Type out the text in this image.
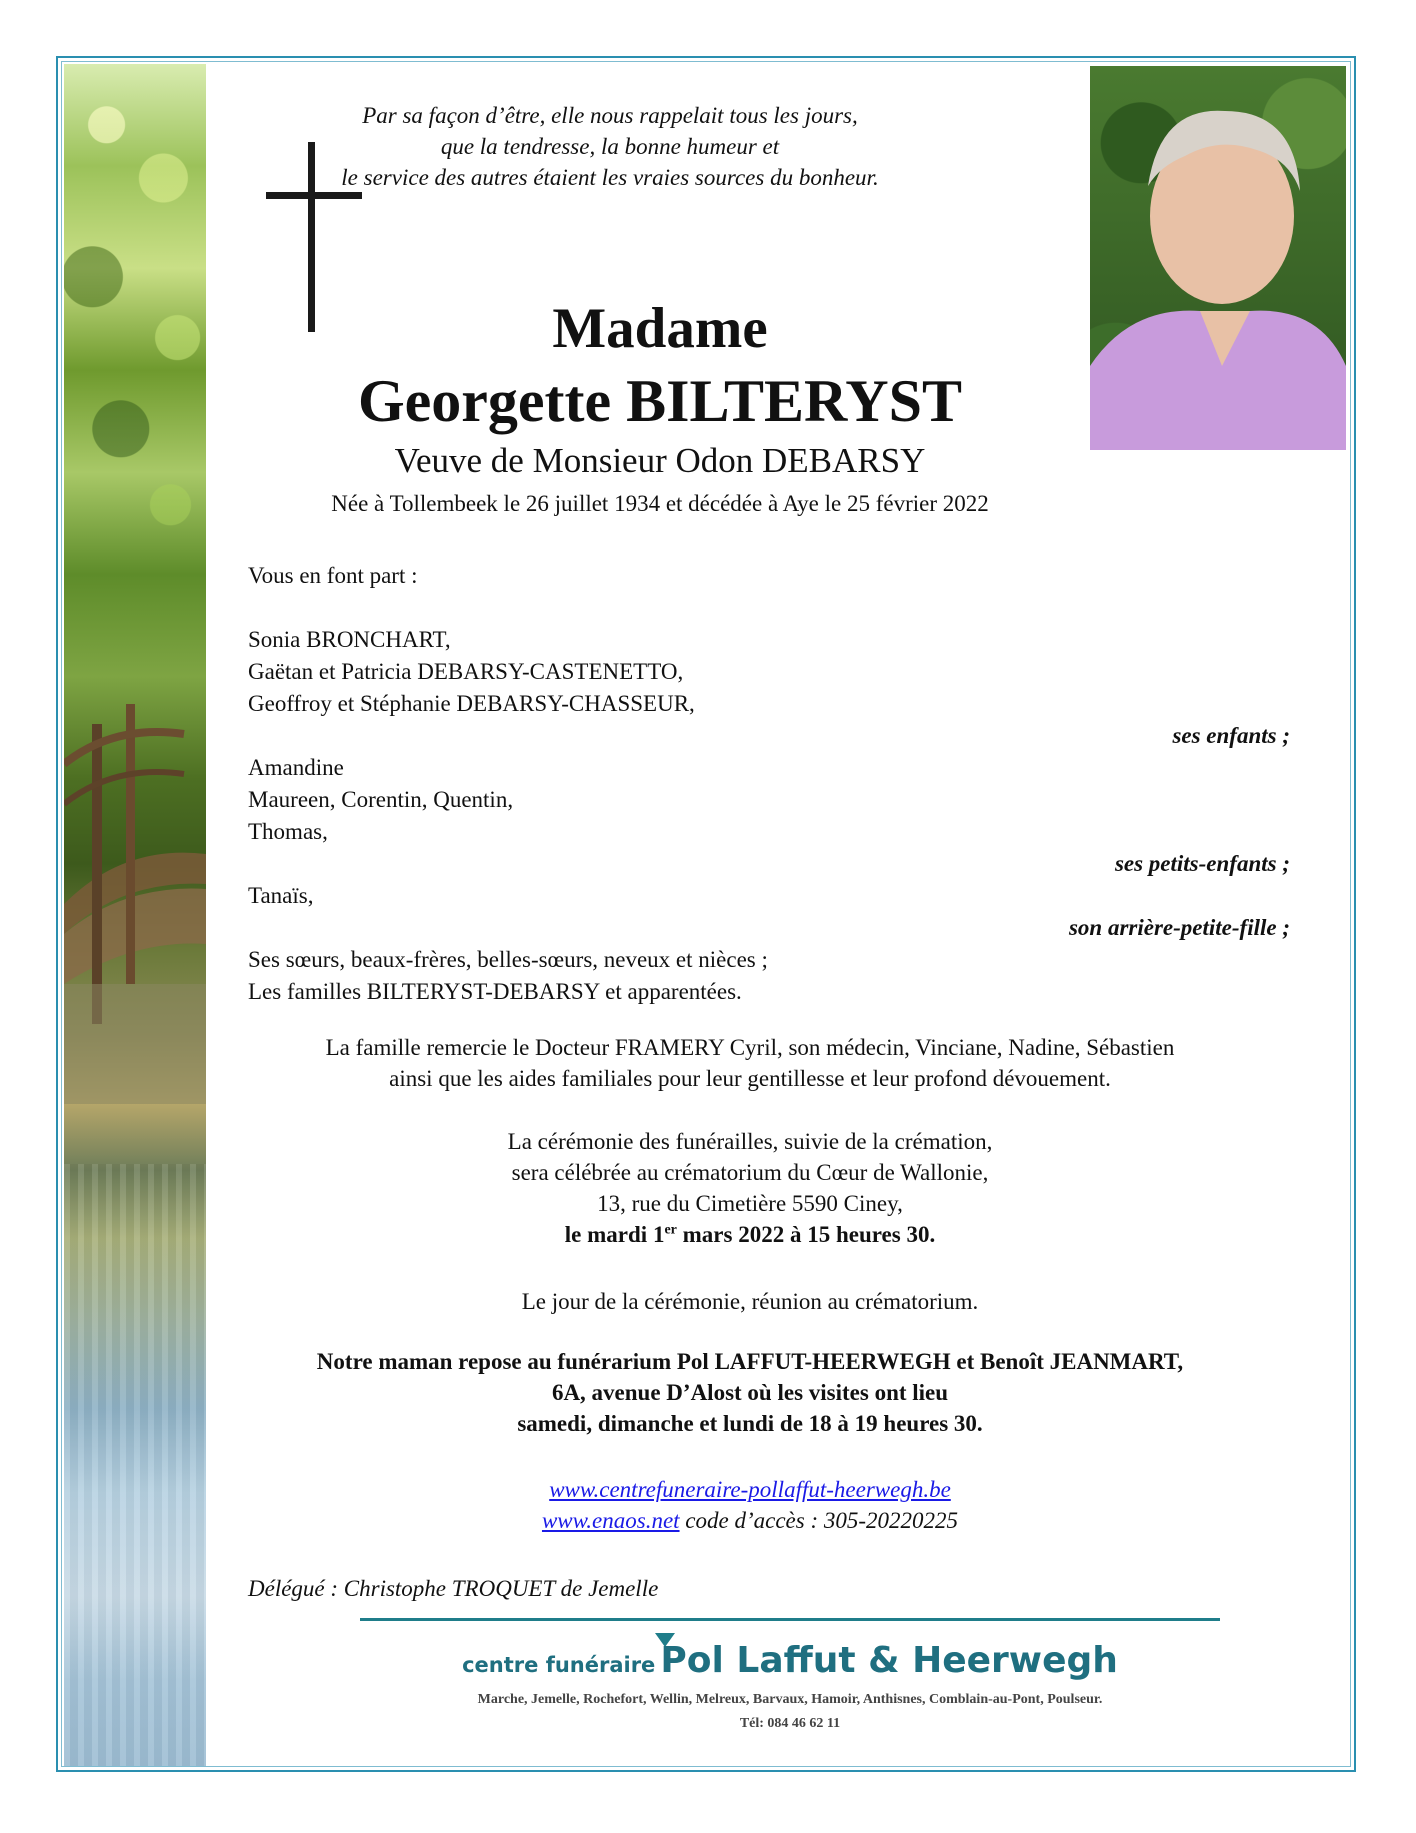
Par sa façon d’être, elle nous rappelait tous les jours,
que la tendresse, la bonne humeur et
le service des autres étaient les vraies sources du bonheur.
Madame
Georgette BILTERYST
Veuve de Monsieur Odon DEBARSY
Née à Tollembeek le 26 juillet 1934 et décédée à Aye le 25 février 2022
Vous en font part :
Sonia BRONCHART,
Gaëtan et Patricia DEBARSY-CASTENETTO,
Geoffroy et Stéphanie DEBARSY-CHASSEUR,
ses enfants ;
Amandine
Maureen, Corentin, Quentin,
Thomas,
ses petits-enfants ;
Tanaïs,
son arrière-petite-fille ;
Ses sœurs, beaux-frères, belles-sœurs, neveux et nièces ;
Les familles BILTERYST-DEBARSY et apparentées.
La famille remercie le Docteur FRAMERY Cyril, son médecin, Vinciane, Nadine, Sébastien
ainsi que les aides familiales pour leur gentillesse et leur profond dévouement.
La cérémonie des funérailles, suivie de la crémation,
sera célébrée au crématorium du Cœur de Wallonie,
13, rue du Cimetière 5590 Ciney,
le mardi 1er mars 2022 à 15 heures 30.
Le jour de la cérémonie, réunion au crématorium.
Notre maman repose au funérarium Pol LAFFUT-HEERWEGH et Benoît JEANMART,
6A, avenue D’Alost où les visites ont lieu
samedi, dimanche et lundi de 18 à 19 heures 30.
www.centrefuneraire-pollaffut-heerwegh.be
www.enaos.net code d’accès : 305-20220225
Délégué : Christophe TROQUET de Jemelle
centre funéraire Pol Laffut & Heerwegh
Marche, Jemelle, Rochefort, Wellin, Melreux, Barvaux, Hamoir, Anthisnes, Comblain-au-Pont, Poulseur.
Tél: 084 46 62 11
